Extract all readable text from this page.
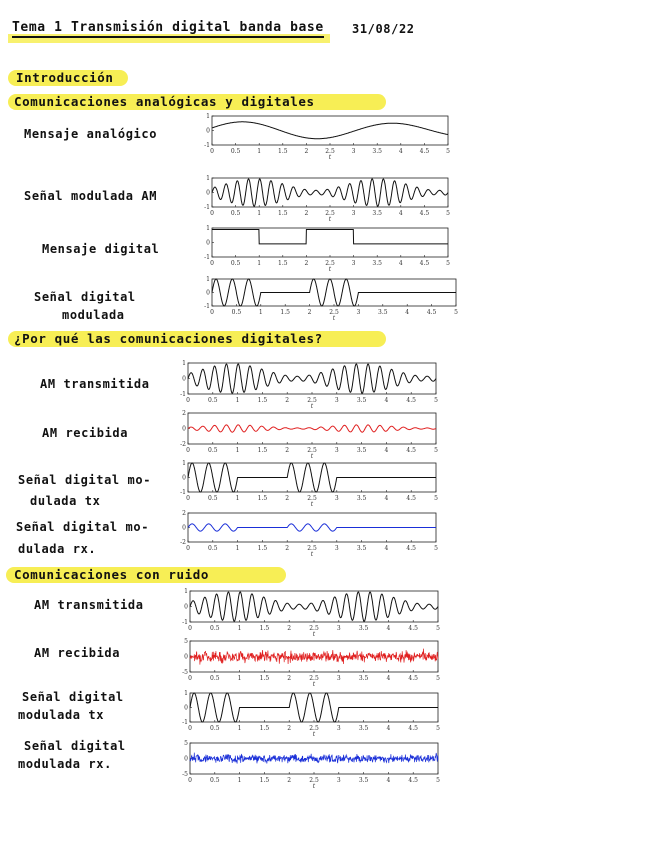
Tema 1 Transmisión digital banda base 31/08/22
Introducción
Comunicaciones analógicas y digitales
Mensaje analógico
Señal modulada AM
Mensaje digital
Señal digital
modulada
¿Por qué las comunicaciones digitales?
AM transmitida
AM recibida
Señal digital mo-
dulada tx
Señal digital mo-
dulada rx.
Comunicaciones con ruido
AM transmitida
AM recibida
Señal digital
modulada tx
Señal digital
modulada rx.
1
0
-1
0	0.5	1	1.5	2	2.5	3	3.5	4	4.5	5
t
1
0
-1
0	0.5	1	1.5	2	2.5	3	3.5	4	4.5	5
t
1
0
-1
0	0.5	1	1.5	2	2.5	3	3.5	4	4.5	5
t
1
0
-1
0	0.5	1	1.5	2	2.5	3	3.5	4	4.5	5
t
1
0
-1
0	0.5	1	1.5	2	2.5	3	3.5	4	4.5	5
t
2
0
-2
0	0.5	1	1.5	2	2.5	3	3.5	4	4.5	5
t
1
0
-1
0	0.5	1	1.5	2	2.5	3	3.5	4	4.5	5
t
2
0
-2
0	0.5	1	1.5	2	2.5	3	3.5	4	4.5	5
t
1
0
-1
0	0.5	1	1.5	2	2.5	3	3.5	4	4.5	5
t
5
0
-5
0	0.5	1	1.5	2	2.5	3	3.5	4	4.5	5
t
1
0
-1
0	0.5	1	1.5	2	2.5	3	3.5	4	4.5	5
t
5
0
-5
0	0.5	1	1.5	2	2.5	3	3.5	4	4.5	5
t
